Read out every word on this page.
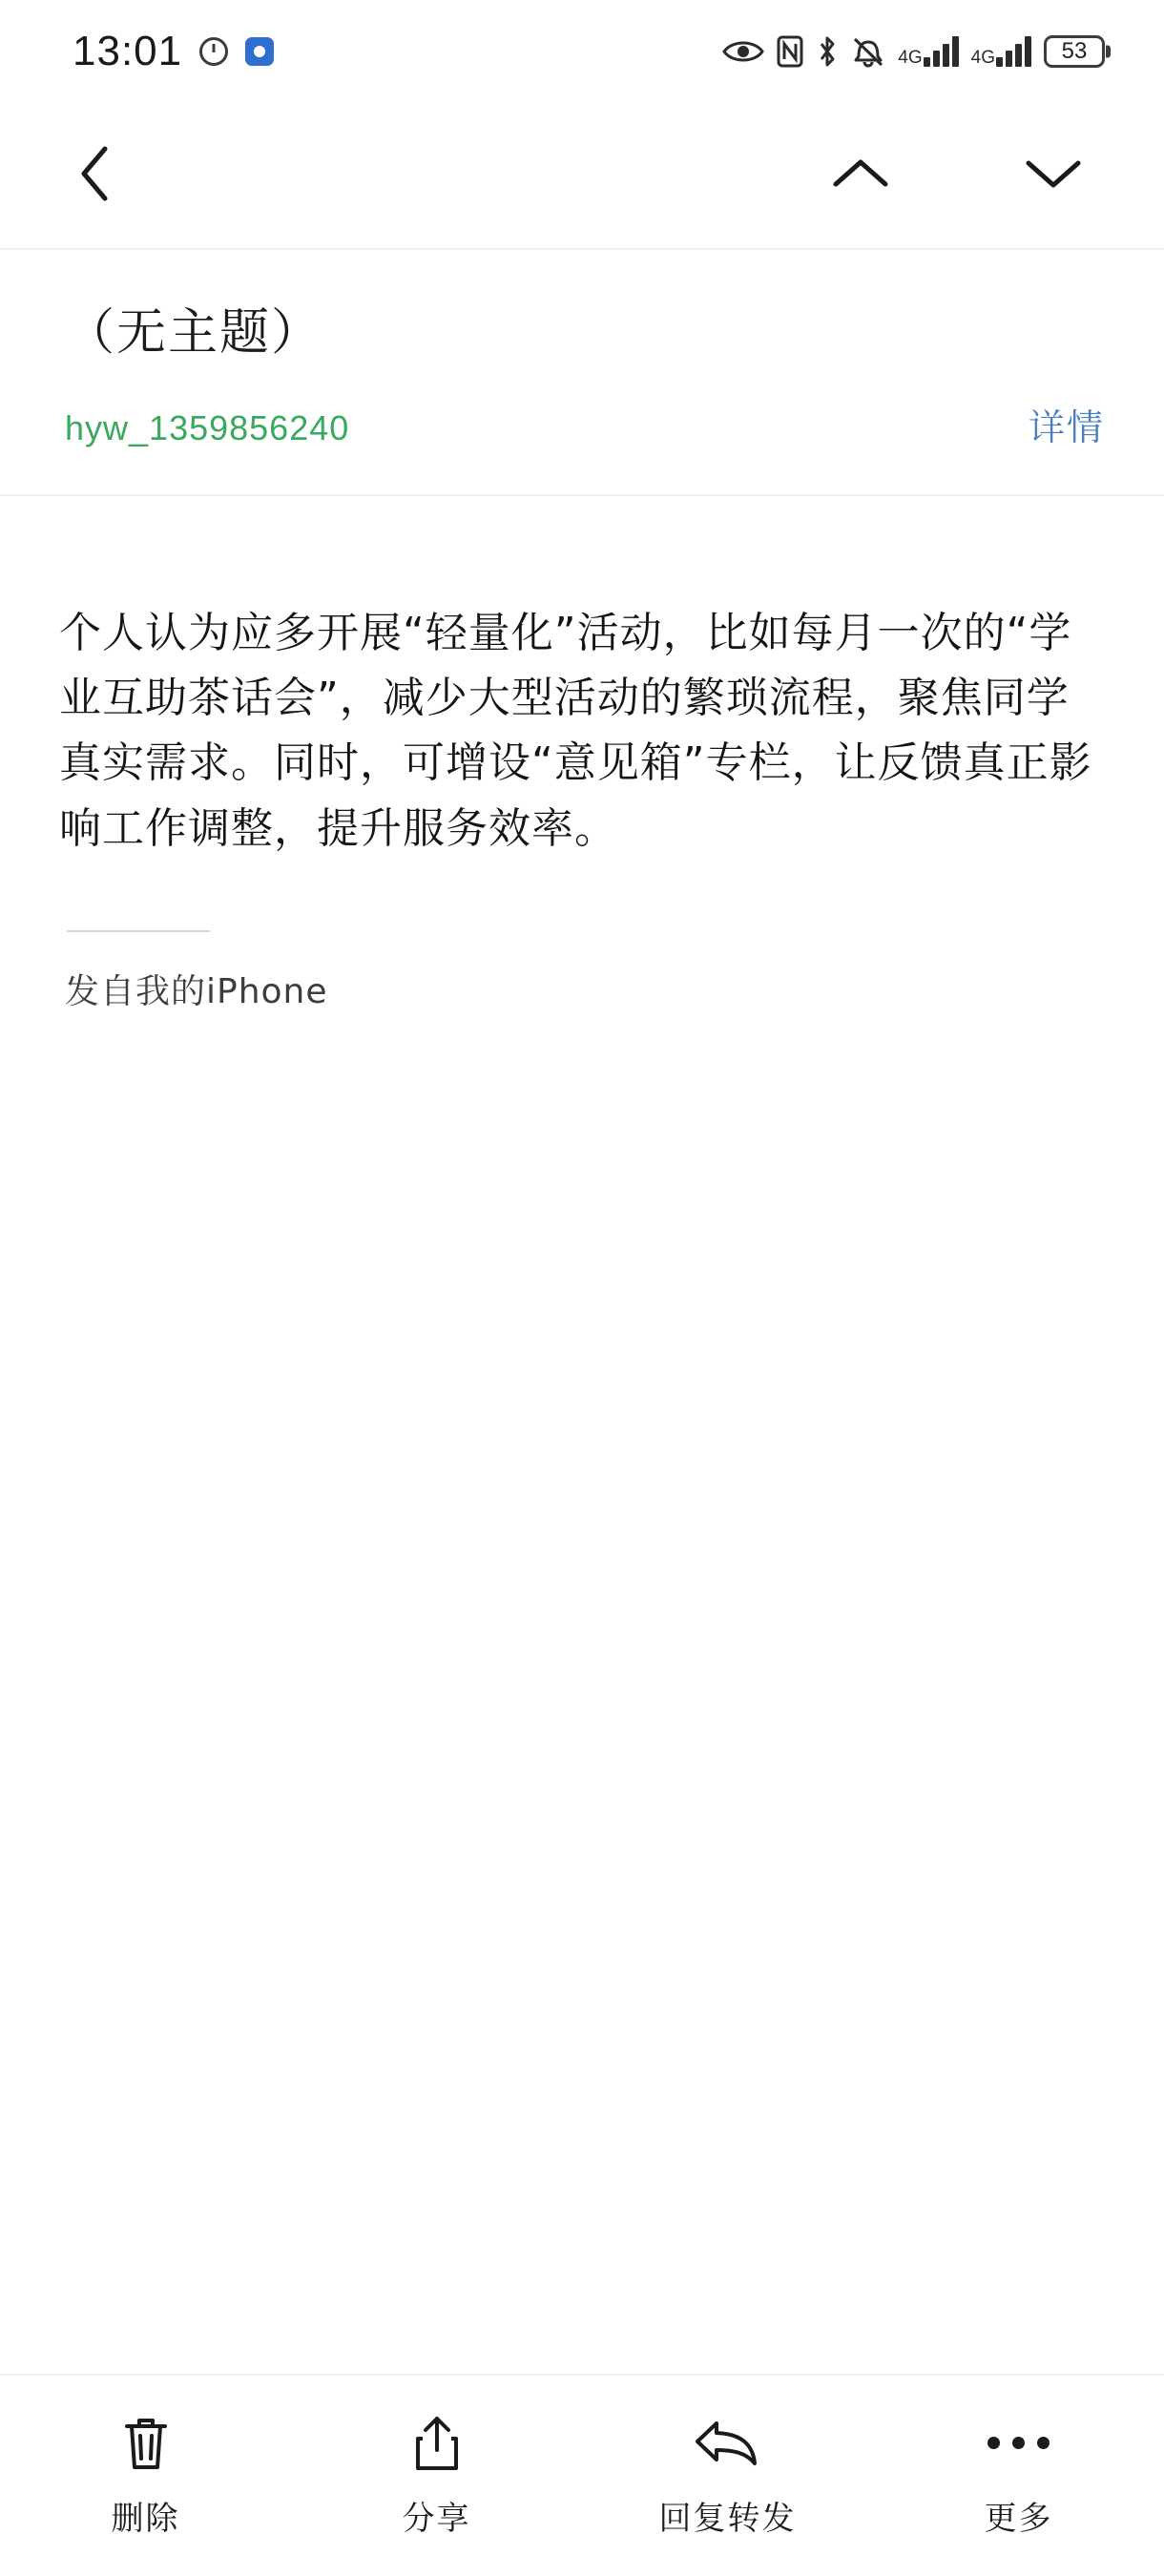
13:01	4G	4G	53
（无主题）
hyw_1359856240	详情
个人认为应多开展“轻量化”活动，比如每月一次的“学业互助茶话会”，减少大型活动的繁琐流程，聚焦同学真实需求。同时，可增设“意见箱”专栏，让反馈真正影响工作调整，提升服务效率。
发自我的iPhone
删除	分享	回复转发	更多
